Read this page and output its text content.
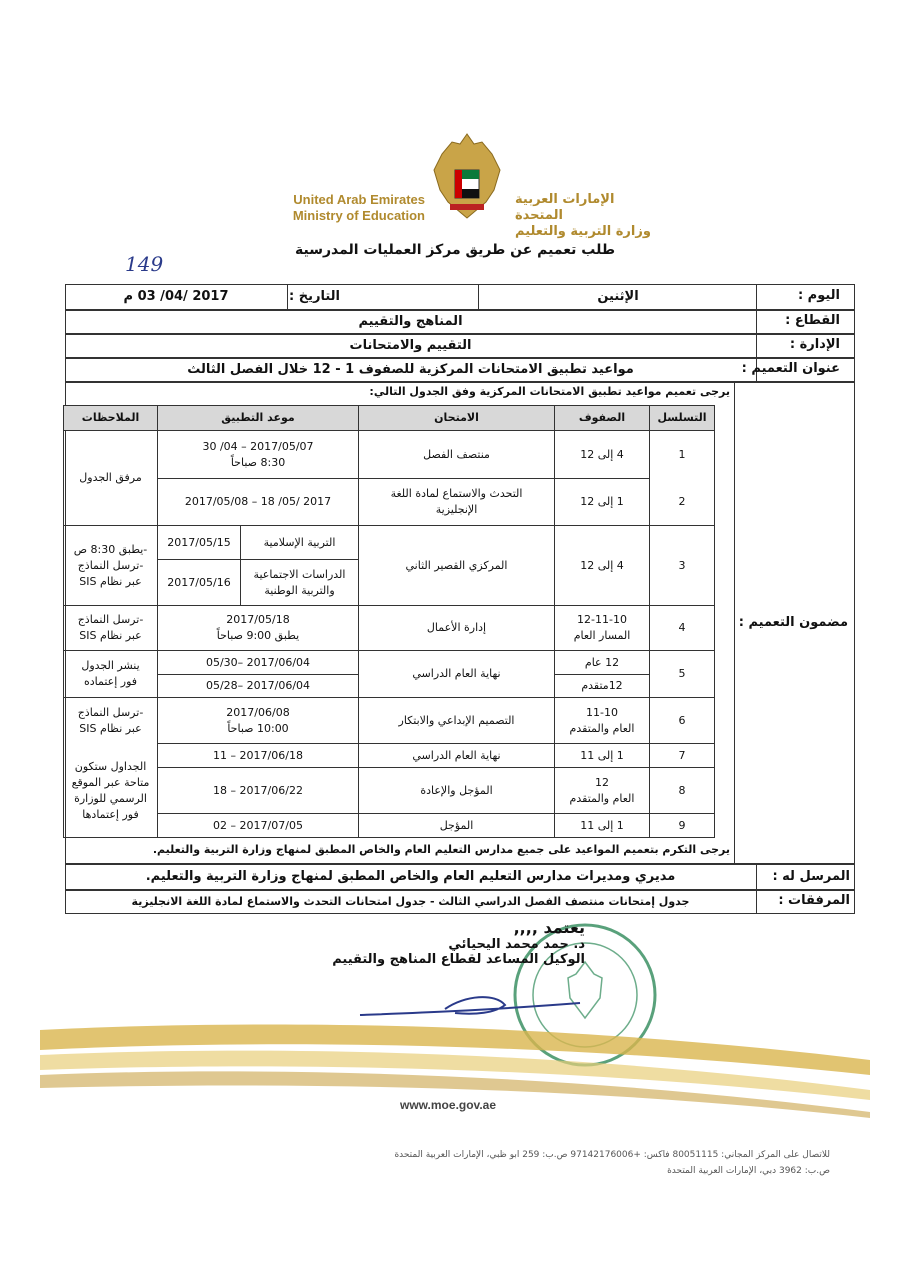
United Arab Emirates
Ministry of Education
الإمارات العربية المتحدة
وزارة التربية والتعليم
طلب تعميم عن طريق مركز العمليات المدرسية
149
اليوم :
الإثنين
التاريخ :
2017 /04/ 03 م
القطاع :
المناهج والتقييم
الإدارة :
التقييم والامتحانات
عنوان التعميم :
مواعيد تطبيق الامتحانات المركزية للصفوف 1 - 12 خلال الفصل الثالث
مضمون التعميم :
يرجى تعميم مواعيد تطبيق الامتحانات المركزية وفق الجدول التالي:
التسلسل
الصفوف
الامتحان
موعد التطبيق
الملاحظات
1
4 إلى 12
منتصف الفصل
2017/05/07 – 04/ 30
8:30 صباحاً
2
1 إلى 12
التحدث والاستماع لمادة اللغة
الإنجليزية
2017 /05/ 18 – 2017/05/08
مرفق الجدول
3
4 إلى 12
المركزي القصير الثاني
التربية الإسلامية
2017/05/15
الدراسات الاجتماعية
والتربية الوطنية
2017/05/16
-يطبق 8:30 ص
-ترسل النماذج
عبر نظام SIS
4
12-11-10
المسار العام
إدارة الأعمال
2017/05/18
يطبق 9:00 صباحاً
-ترسل النماذج
عبر نظام SIS
5
12 عام
12متقدم
نهاية العام الدراسي
2017/06/04 –05/30
2017/06/04 –05/28
ينشر الجدول
فور إعتماده
6
11-10
العام والمتقدم
التصميم الإبداعي والابتكار
2017/06/08
10:00 صباحاً
-ترسل النماذج
عبر نظام SIS
7
1 إلى 11
نهاية العام الدراسي
2017/06/18 – 11
8
12
العام والمتقدم
المؤجل والإعادة
2017/06/22 – 18
9
1 إلى 11
المؤجل
2017/07/05 – 02
الجداول ستكون
متاحة عبر الموقع
الرسمي للوزارة
فور إعتمادها
يرجى التكرم بتعميم المواعيد على جميع مدارس التعليم العام والخاص المطبق لمنهاج وزارة التربية والتعليم.
المرسل له :
مديري ومديرات مدارس التعليم العام والخاص المطبق لمنهاج وزارة التربية والتعليم.
المرفقات :
جدول إمتحانات منتصف الفصل الدراسي الثالث - جدول امتحانات التحدث والاستماع لمادة اللغة الانجليزية
يعتمد ,,,,
د. حمد محمد اليحيائي
الوكيل المساعد لقطاع المناهج والتقييم
www.moe.gov.ae
للاتصال على المركز المجاني: 80051115 فاكس: +97142176006 ص.ب: 259 ابو ظبي، الإمارات العربية المتحدة
ص.ب: 3962 دبي، الإمارات العربية المتحدة
